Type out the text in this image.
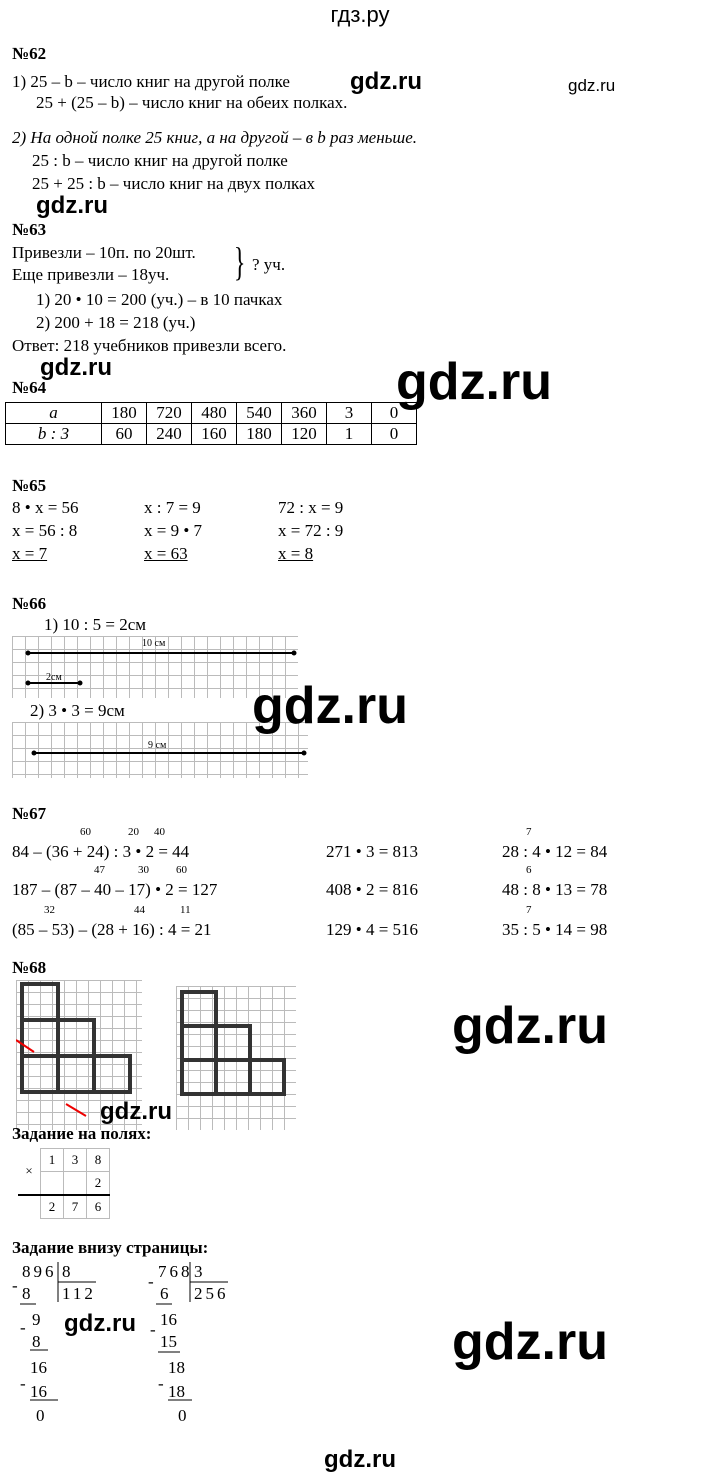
гдз.ру
№62
1) 25 – b – число книг на другой полке	gdz.ru	gdz.ru
25 + (25 – b) – число книг на обеих полках.
2) На одной полке 25 книг, а на другой – в b раз меньше.
25 : b – число книг на другой полке
25 + 25 : b – число книг на двух полках
gdz.ru
№63
Привезли – 10п. по 20шт.
Еще привезли – 18уч. } ? уч.
1) 20 • 10 = 200 (уч.) – в 10 пачках
2) 200 + 18 = 218 (уч.)
Ответ: 218 учебников привезли всего.
gdz.ru	gdz.ru
№64
a	180	720	480	540	360	3	0
b : 3	60	240	160	180	120	1	0
№65
8 • x = 56
x = 56 : 8
x = 7
x : 7 = 9
x = 9 • 7
x = 63
72 : x = 9
x = 72 : 9
x = 8
№66
1) 10 : 5 = 2см
10 см
2см
2) 3 • 3 = 9см
9 см
gdz.ru
№67
60	20 40
84 – (36 + 24) : 3 • 2 = 44
47	30 60
187 – (87 – 40 – 17) • 2 = 127
32	44	11
(85 – 53) – (28 + 16) : 4 = 21
271 • 3 = 813
408 • 2 = 816
129 • 4 = 516
7
28 : 4 • 12 = 84
6
48 : 8 • 13 = 78
7
35 : 5 • 14 = 98
№68
gdz.ru
gdz.ru
Задание на полях:
×	1	3	8
			2
	2	7	6
Задание внизу страницы:
896
- 8
8
112
- 9
8
16
- 16
0
768
-
6
3
256
-
16
15
18
- 18
0
gdz.ru	gdz.ru
gdz.ru
